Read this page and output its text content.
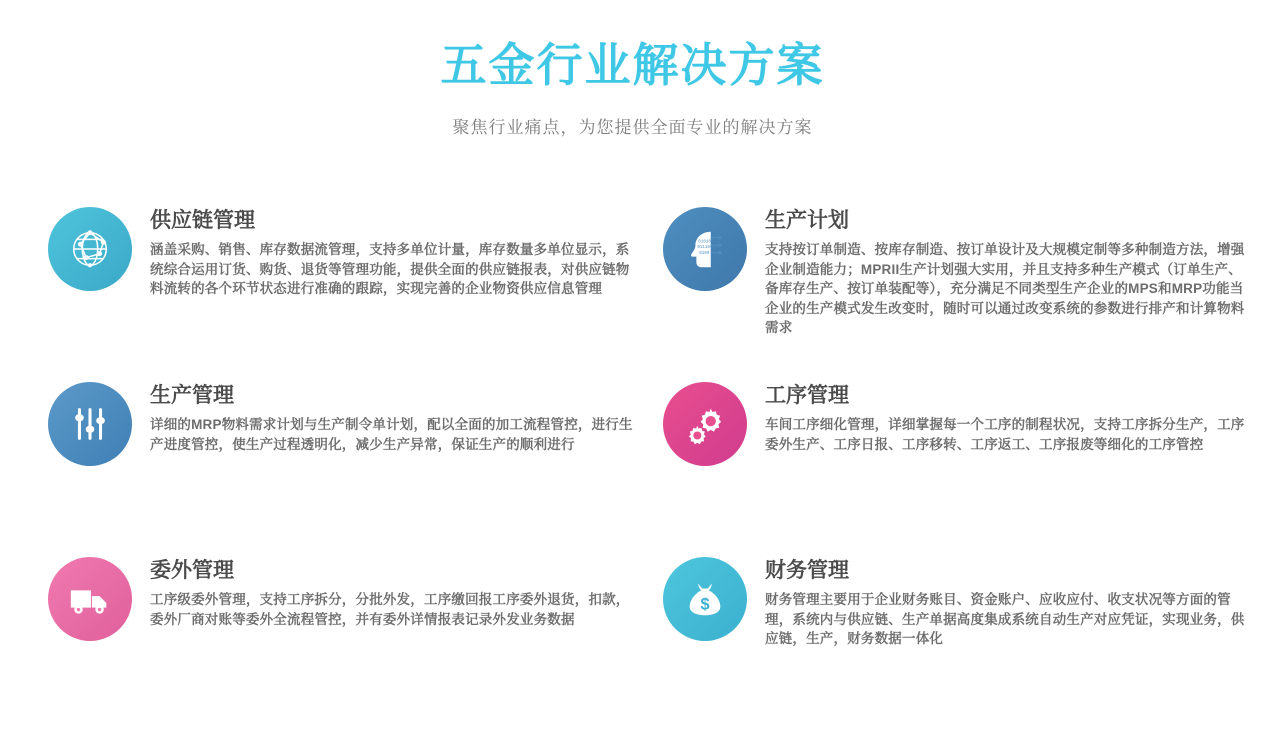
五金行业解决方案

聚焦行业痛点，为您提供全面专业的解决方案

供应链管理

涵盖采购、销售、库存数据流管理，支持多单位计量，库存数量多单位显示，系统综合运用订货、购货、退货等管理功能，提供全面的供应链报表，对供应链物料流转的各个环节状态进行准确的跟踪，实现完善的企业物资供应信息管理

01010
011100
0100
生产计划

支持按订单制造、按库存制造、按订单设计及大规模定制等多种制造方法，增强企业制造能力；MPRII生产计划强大实用，并且支持多种生产模式（订单生产、备库存生产、按订单装配等），充分满足不同类型生产企业的MPS和MRP功能当企业的生产模式发生改变时，随时可以通过改变系统的参数进行排产和计算物料需求

生产管理

详细的MRP物料需求计划与生产制令单计划，配以全面的加工流程管控，进行生产进度管控，使生产过程透明化，减少生产异常，保证生产的顺利进行

工序管理

车间工序细化管理，详细掌握每一个工序的制程状况，支持工序拆分生产，工序委外生产、工序日报、工序移转、工序返工、工序报废等细化的工序管控

委外管理

工序级委外管理，支持工序拆分，分批外发，工序缴回报工序委外退货，扣款，委外厂商对账等委外全流程管控，并有委外详情报表记录外发业务数据

$
财务管理

财务管理主要用于企业财务账目、资金账户、应收应付、收支状况等方面的管理，系统内与供应链、生产单据高度集成系统自动生产对应凭证，实现业务，供应链，生产，财务数据一体化
